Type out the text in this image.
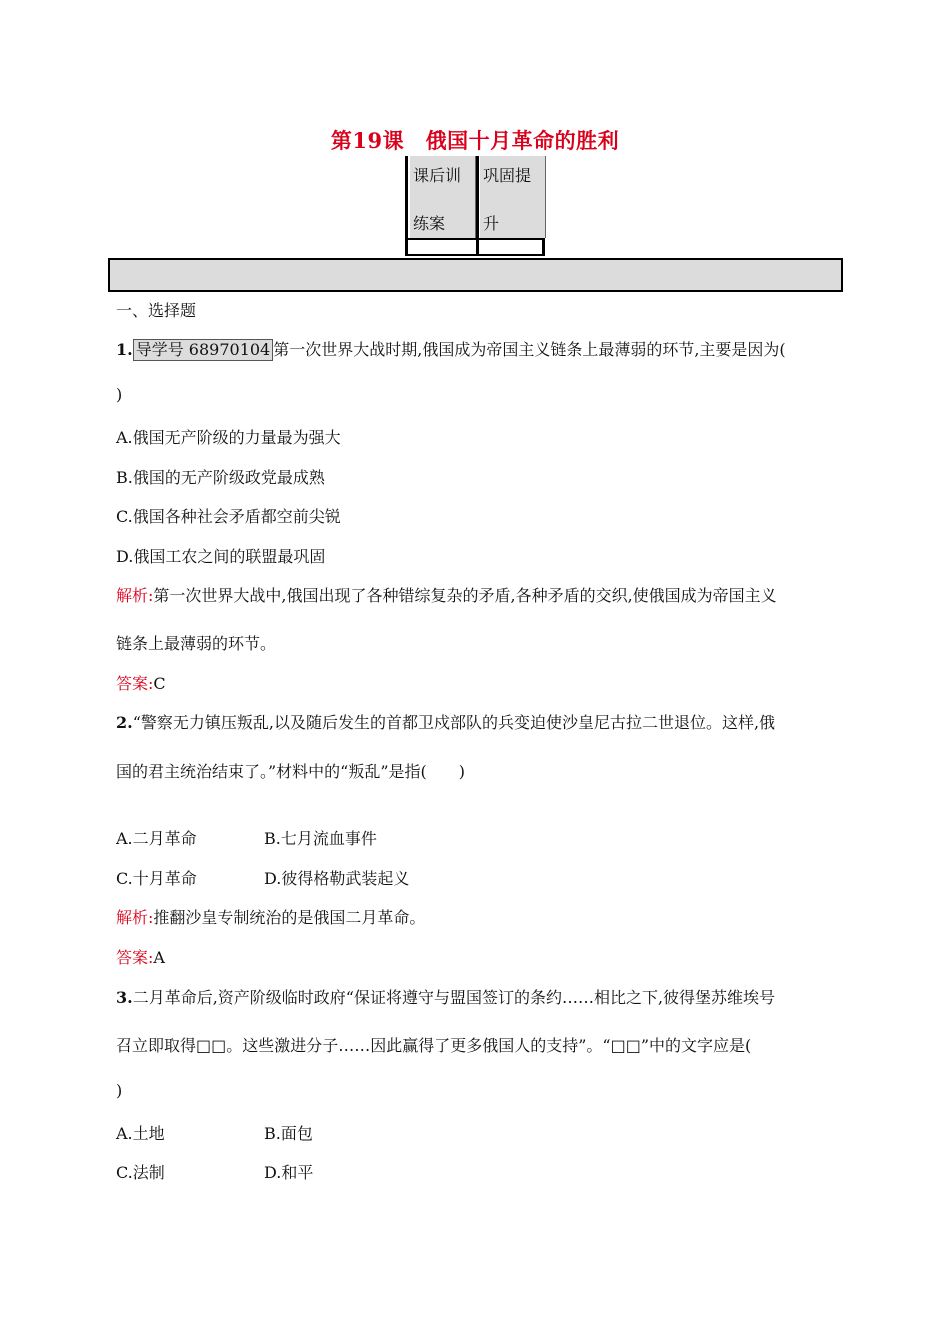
第19课　俄国十月革命的胜利
课后训
练案
巩固提
升
一、选择题
1. 导学号 68970104 第一次世界大战时期,俄国成为帝国主义链条上最薄弱的环节,主要是因为(
)
A.俄国无产阶级的力量最为强大
B.俄国的无产阶级政党最成熟
C.俄国各种社会矛盾都空前尖锐
D.俄国工农之间的联盟最巩固
解析:第一次世界大战中,俄国出现了各种错综复杂的矛盾,各种矛盾的交织,使俄国成为帝国主义
链条上最薄弱的环节。
答案:C
2.“警察无力镇压叛乱,以及随后发生的首都卫戍部队的兵变迫使沙皇尼古拉二世退位。这样,俄
国的君主统治结束了。”材料中的“叛乱”是指(　　)
A.二月革命	B.七月流血事件
C.十月革命	D.彼得格勒武装起义
解析:推翻沙皇专制统治的是俄国二月革命。
答案:A
3.二月革命后,资产阶级临时政府“保证将遵守与盟国签订的条约……相比之下,彼得堡苏维埃号
召立即取得□□。这些激进分子……因此赢得了更多俄国人的支持”。“□□”中的文字应是(
)
A.土地	B.面包
C.法制	D.和平
